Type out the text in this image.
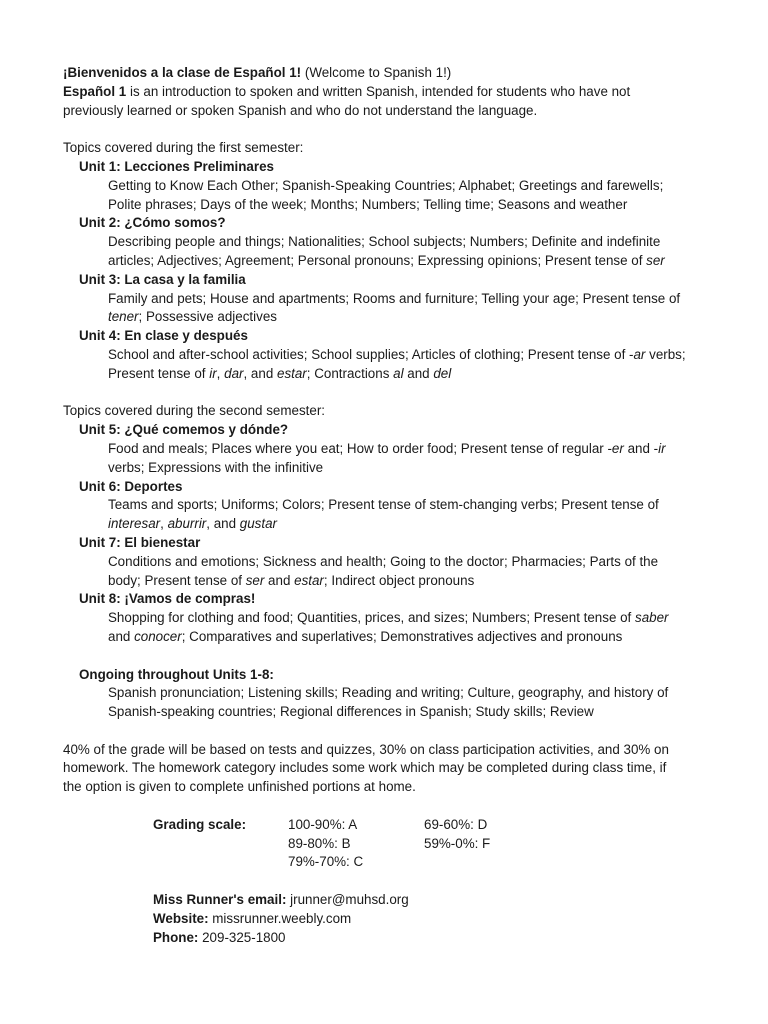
¡Bienvenidos a la clase de Español 1! (Welcome to Spanish 1!)
Español 1 is an introduction to spoken and written Spanish, intended for students who have not
previously learned or spoken Spanish and who do not understand the language.
Topics covered during the first semester:
Unit 1: Lecciones Preliminares
Getting to Know Each Other; Spanish-Speaking Countries; Alphabet; Greetings and farewells;
Polite phrases; Days of the week; Months; Numbers; Telling time; Seasons and weather
Unit 2: ¿Cómo somos?
Describing people and things; Nationalities; School subjects; Numbers; Definite and indefinite
articles; Adjectives; Agreement; Personal pronouns; Expressing opinions; Present tense of ser
Unit 3: La casa y la familia
Family and pets; House and apartments; Rooms and furniture; Telling your age; Present tense of
tener; Possessive adjectives
Unit 4: En clase y después
School and after-school activities; School supplies; Articles of clothing; Present tense of -ar verbs;
Present tense of ir, dar, and estar; Contractions al and del
Topics covered during the second semester:
Unit 5: ¿Qué comemos y dónde?
Food and meals; Places where you eat; How to order food; Present tense of regular -er and -ir
verbs; Expressions with the infinitive
Unit 6: Deportes
Teams and sports; Uniforms; Colors; Present tense of stem-changing verbs; Present tense of
interesar, aburrir, and gustar
Unit 7: El bienestar
Conditions and emotions; Sickness and health; Going to the doctor; Pharmacies; Parts of the
body; Present tense of ser and estar; Indirect object pronouns
Unit 8: ¡Vamos de compras!
Shopping for clothing and food; Quantities, prices, and sizes; Numbers; Present tense of saber
and conocer; Comparatives and superlatives; Demonstratives adjectives and pronouns
Ongoing throughout Units 1-8:
Spanish pronunciation; Listening skills; Reading and writing; Culture, geography, and history of
Spanish-speaking countries; Regional differences in Spanish; Study skills; Review
40% of the grade will be based on tests and quizzes, 30% on class participation activities, and 30% on
homework. The homework category includes some work which may be completed during class time, if
the option is given to complete unfinished portions at home.
Grading scale:	100-90%: A
89-80%: B
79%-70%: C
69-60%: D
59%-0%: F
Miss Runner's email: jrunner@muhsd.org
Website: missrunner.weebly.com
Phone: 209-325-1800
